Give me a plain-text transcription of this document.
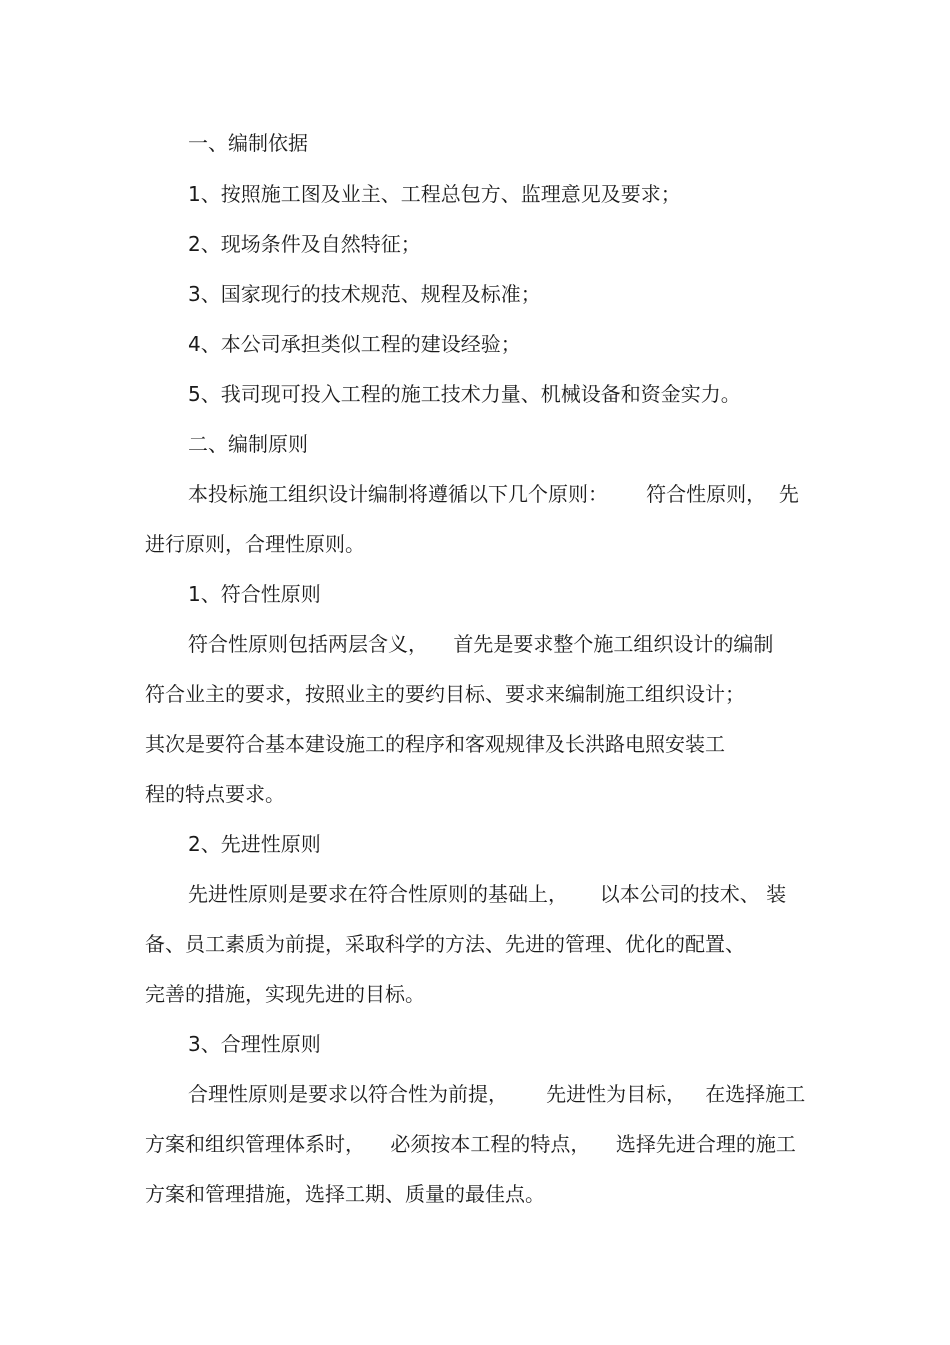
一、编制依据
1、按照施工图及业主、工程总包方、监理意见及要求；
2、现场条件及自然特征；
3、国家现行的技术规范、规程及标准；
4、本公司承担类似工程的建设经验；
5、我司现可投入工程的施工技术力量、机械设备和资金实力。
二、编制原则
本投标施工组织设计编制将遵循以下几个原则：      符合性原则，  先
进行原则，合理性原则。
1、符合性原则
符合性原则包括两层含义，    首先是要求整个施工组织设计的编制
符合业主的要求，按照业主的要约目标、要求来编制施工组织设计；
其次是要符合基本建设施工的程序和客观规律及长洪路电照安装工
程的特点要求。
2、先进性原则
先进性原则是要求在符合性原则的基础上，     以本公司的技术、 装
备、员工素质为前提，采取科学的方法、先进的管理、优化的配置、
完善的措施，实现先进的目标。
3、合理性原则
合理性原则是要求以符合性为前提，      先进性为目标，   在选择施工
方案和组织管理体系时，    必须按本工程的特点，    选择先进合理的施工
方案和管理措施，选择工期、质量的最佳点。
